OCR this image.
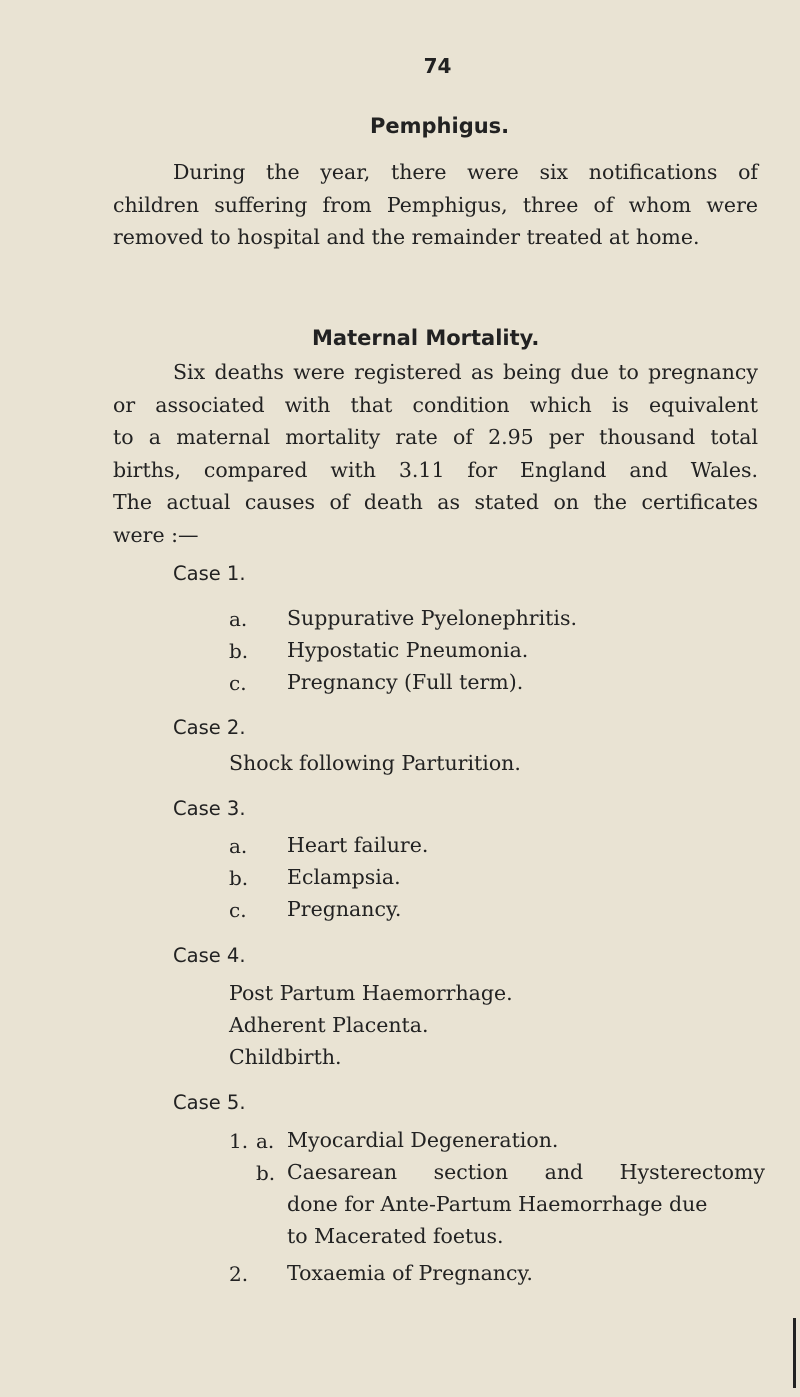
74
Pemphigus.
During the year, there were six notifications of
children suffering from Pemphigus, three of whom were
removed to hospital and the remainder treated at home.
Maternal Mortality.
Six deaths were registered as being due to pregnancy
or associated with that condition which is equivalent
to a maternal mortality rate of 2.95 per thousand total
births, compared with 3.11 for England and Wales.
The actual causes of death as stated on the certificates
were :—
Case 1.
a. Suppurative Pyelonephritis.
b. Hypostatic Pneumonia.
c. Pregnancy (Full term).
Case 2.
Shock following Parturition.
Case 3.
a. Heart failure.
b. Eclampsia.
c. Pregnancy.
Case 4.
Post Partum Haemorrhage.
Adherent Placenta.
Childbirth.
Case 5.
1. a. Myocardial Degeneration.
b. Caesarean section and Hysterectomy
done for Ante-Partum Haemorrhage due
to Macerated foetus.
2. Toxaemia of Pregnancy.
